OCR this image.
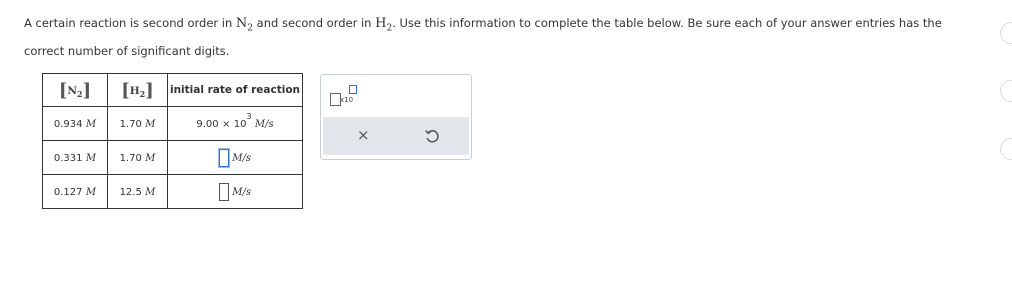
A certain reaction is second order in $N_2$ and second order in $H_2$. Use this information to complete the table below. Be sure each of your answer entries has the correct number of significant digits.
$[N_2]$	$[H_2]$	initial rate of reaction
0.934 M	1.70 M	$9.00 \times 10^3$ M/s
0.331 M	1.70 M	M/s
0.127 M	12.5 M	M/s
x10
×
